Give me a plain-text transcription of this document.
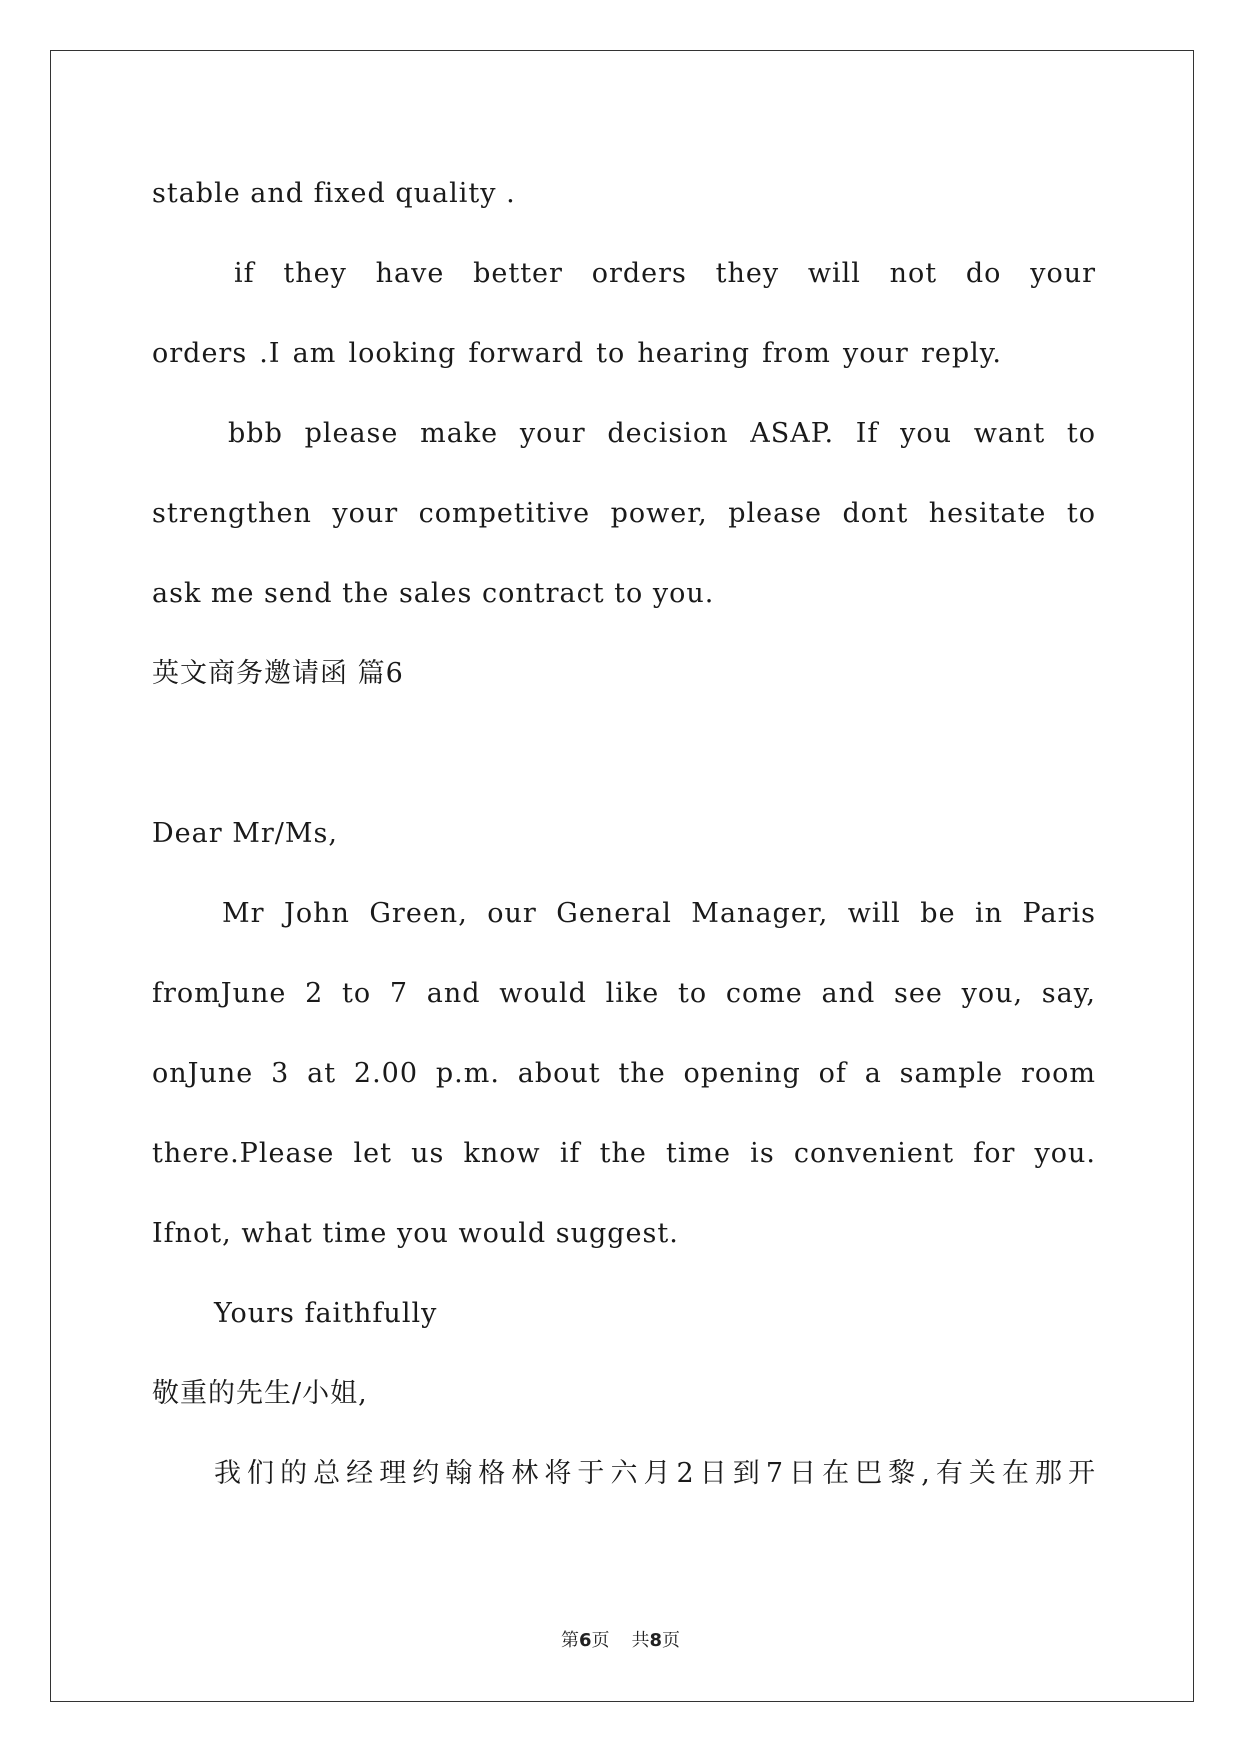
stable and fixed quality .
if they have better orders they will not do your
orders .I am looking forward to hearing from your reply.
bbb please make your decision ASAP. If you want to
strengthen your competitive power, please dont hesitate to
ask me send the sales contract to you.
英文商务邀请函 篇6
Dear Mr/Ms,
Mr John Green, our General Manager, will be in Paris
fromJune 2 to 7 and would like to come and see you, say,
onJune 3 at 2.00 p.m. about the opening of a sample room
there.Please let us know if the time is convenient for you.
Ifnot, what time you would suggest.
Yours faithfully
敬重的先生/小姐,
我们的总经理约翰格林将于六月2日到7日在巴黎,有关在那开
第6页 共8页
